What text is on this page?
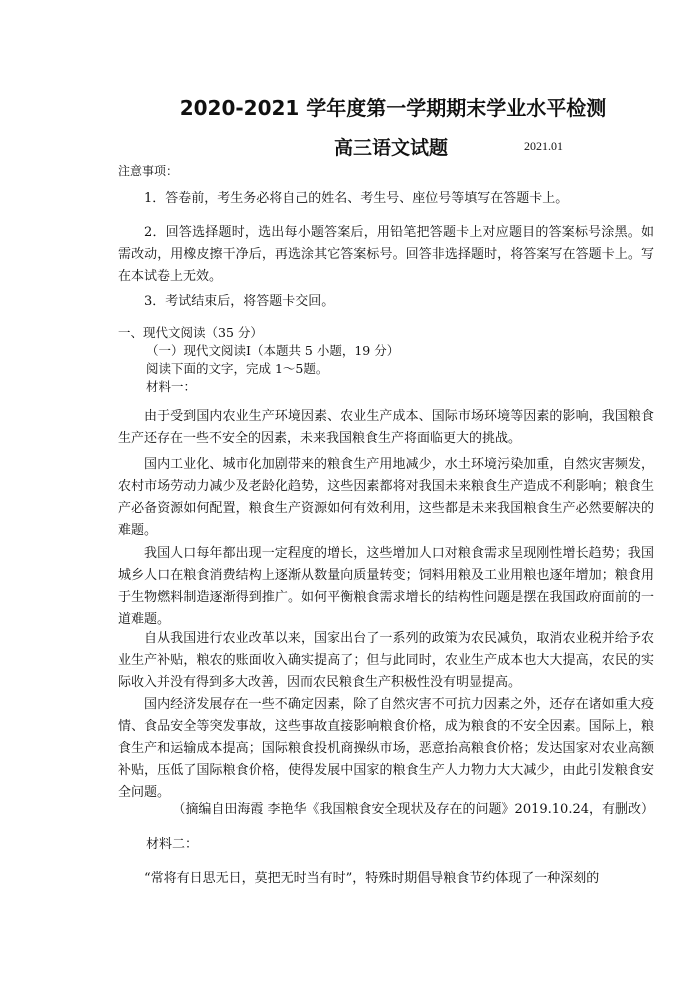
2020-2021 学年度第一学期期末学业水平检测
高三语文试题	2021.01
注意事项：
1．答卷前，考生务必将自己的姓名、考生号、座位号等填写在答题卡上。
2．回答选择题时，选出每小题答案后，用铅笔把答题卡上对应题目的答案标号涂黑。如需改动，用橡皮擦干净后，再选涂其它答案标号。回答非选择题时，将答案写在答题卡上。写在本试卷上无效。
3．考试结束后，将答题卡交回。
一、现代文阅读（35 分）
（一）现代文阅读Ⅰ（本题共 5 小题，19 分）
阅读下面的文字，完成 1～5题。
材料一：
由于受到国内农业生产环境因素、农业生产成本、国际市场环境等因素的影响，我国粮食生产还存在一些不安全的因素，未来我国粮食生产将面临更大的挑战。
国内工业化、城市化加剧带来的粮食生产用地减少，水土环境污染加重，自然灾害频发，农村市场劳动力减少及老龄化趋势，这些因素都将对我国未来粮食生产造成不利影响；粮食生产必备资源如何配置，粮食生产资源如何有效利用，这些都是未来我国粮食生产必然要解决的难题。
我国人口每年都出现一定程度的增长，这些增加人口对粮食需求呈现刚性增长趋势；我国城乡人口在粮食消费结构上逐渐从数量向质量转变；饲料用粮及工业用粮也逐年增加；粮食用于生物燃料制造逐渐得到推广。如何平衡粮食需求增长的结构性问题是摆在我国政府面前的一道难题。
自从我国进行农业改革以来，国家出台了一系列的政策为农民减负，取消农业税并给予农业生产补贴，粮农的账面收入确实提高了；但与此同时，农业生产成本也大大提高，农民的实际收入并没有得到多大改善，因而农民粮食生产积极性没有明显提高。
国内经济发展存在一些不确定因素，除了自然灾害不可抗力因素之外，还存在诸如重大疫情、食品安全等突发事故，这些事故直接影响粮食价格，成为粮食的不安全因素。国际上，粮食生产和运输成本提高；国际粮食投机商操纵市场，恶意抬高粮食价格；发达国家对农业高额补贴，压低了国际粮食价格，使得发展中国家的粮食生产人力物力大大减少，由此引发粮食安全问题。
（摘编自田海霞 李艳华《我国粮食安全现状及存在的问题》2019.10.24，有删改）
材料二：
“常将有日思无日，莫把无时当有时”，特殊时期倡导粮食节约体现了一种深刻的
